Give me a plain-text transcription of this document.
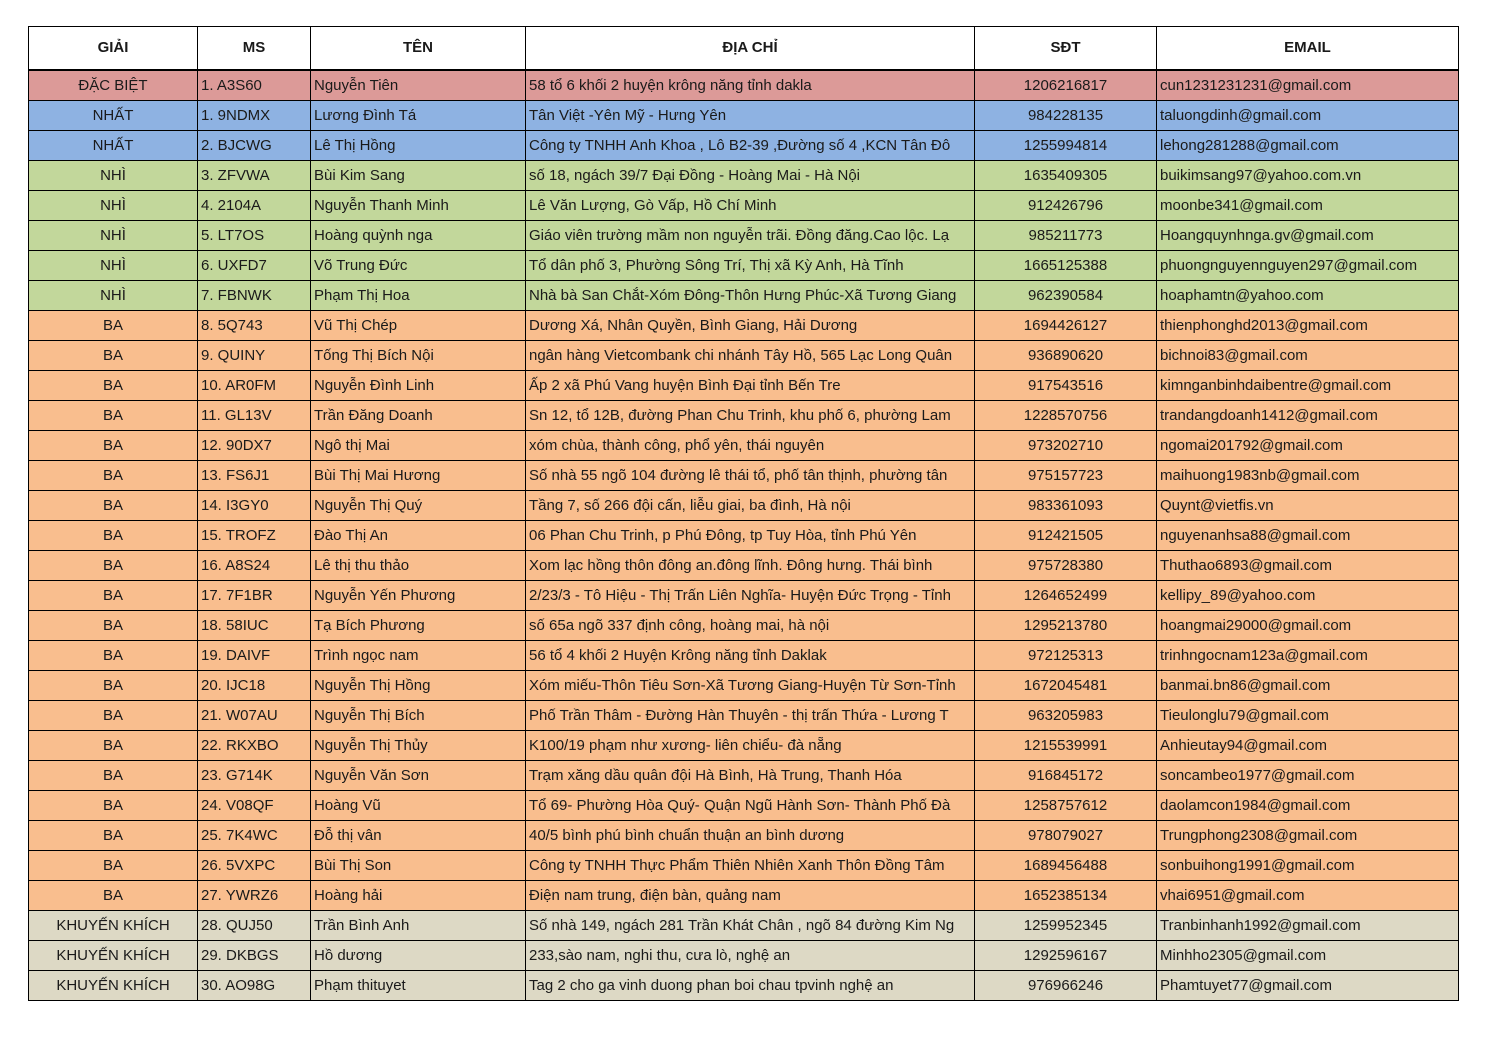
GIẢI	MS	TÊN	ĐỊA CHỈ	SĐT	EMAIL
ĐẶC BIỆT	1. A3S60	Nguyễn Tiên	58 tổ 6 khối 2 huyện krông năng tỉnh dakla	1206216817	cun1231231231@gmail.com
NHẤT	1. 9NDMX	Lương Đình Tá	Tân Việt -Yên Mỹ - Hưng Yên	984228135	taluongdinh@gmail.com
NHẤT	2. BJCWG	Lê Thị Hồng	Công ty TNHH Anh Khoa , Lô B2-39 ,Đường số 4 ,KCN Tân Đô	1255994814	lehong281288@gmail.com
NHÌ	3. ZFVWA	Bùi Kim Sang	số 18, ngách 39/7 Đại Đồng - Hoàng Mai - Hà Nội	1635409305	buikimsang97@yahoo.com.vn
NHÌ	4. 2104A	Nguyễn Thanh Minh	Lê Văn Lượng, Gò Vấp, Hồ Chí Minh	912426796	moonbe341@gmail.com
NHÌ	5. LT7OS	Hoàng quỳnh nga	Giáo viên trường mầm non nguyễn trãi. Đồng đăng.Cao lộc. Lạ	985211773	Hoangquynhnga.gv@gmail.com
NHÌ	6. UXFD7	Võ Trung Đức	Tổ dân phố 3, Phường Sông Trí, Thị xã Kỳ Anh, Hà Tĩnh	1665125388	phuongnguyennguyen297@gmail.com
NHÌ	7. FBNWK	Phạm Thị Hoa	Nhà bà San Chắt-Xóm Đông-Thôn Hưng Phúc-Xã Tương Giang	962390584	hoaphamtn@yahoo.com
BA	8. 5Q743	Vũ Thị Chép	Dương Xá, Nhân Quyền, Bình Giang, Hải Dương	1694426127	thienphonghd2013@gmail.com
BA	9. QUINY	Tống Thị Bích Nội	ngân hàng Vietcombank chi nhánh Tây Hồ, 565 Lạc Long Quân	936890620	bichnoi83@gmail.com
BA	10. AR0FM	Nguyễn Đình Linh	Ấp 2 xã Phú Vang huyện Bình Đại tỉnh Bến Tre	917543516	kimnganbinhdaibentre@gmail.com
BA	11. GL13V	Trần Đăng Doanh	Sn 12, tổ 12B, đường Phan Chu Trinh, khu phố 6, phường Lam	1228570756	trandangdoanh1412@gmail.com
BA	12. 90DX7	Ngô thị Mai	xóm chùa, thành công, phổ yên, thái nguyên	973202710	ngomai201792@gmail.com
BA	13. FS6J1	Bùi Thị Mai Hương	Số nhà 55 ngõ 104 đường lê thái tổ, phố tân thịnh, phường tân	975157723	maihuong1983nb@gmail.com
BA	14. I3GY0	Nguyễn Thị Quý	Tầng 7, số 266 đội cấn, liễu giai, ba đình, Hà nội	983361093	Quynt@vietfis.vn
BA	15. TROFZ	Đào Thị An	06 Phan Chu Trinh, p Phú Đông, tp Tuy Hòa, tỉnh Phú Yên	912421505	nguyenanhsa88@gmail.com
BA	16. A8S24	Lê thị thu thảo	Xom lạc hồng thôn đông an.đông lĩnh. Đông hưng. Thái bình	975728380	Thuthao6893@gmail.com
BA	17. 7F1BR	Nguyễn Yến Phương	2/23/3 - Tô Hiệu - Thị Trấn Liên Nghĩa- Huyện Đức Trọng - Tỉnh	1264652499	kellipy_89@yahoo.com
BA	18. 58IUC	Tạ Bích Phương	số 65a ngõ 337 định công, hoàng mai, hà nội	1295213780	hoangmai29000@gmail.com
BA	19. DAIVF	Trình ngọc nam	56 tổ 4 khối 2 Huyện Krông năng tỉnh Daklak	972125313	trinhngocnam123a@gmail.com
BA	20. IJC18	Nguyễn Thị Hồng	Xóm miếu-Thôn Tiêu Sơn-Xã Tương Giang-Huyện Từ Sơn-Tỉnh	1672045481	banmai.bn86@gmail.com
BA	21. W07AU	Nguyễn Thị Bích	Phố Trần Thâm - Đường Hàn Thuyên - thị trấn Thứa - Lương T	963205983	Tieulonglu79@gmail.com
BA	22. RKXBO	Nguyễn Thị Thủy	K100/19 phạm như xương- liên chiểu- đà nẵng	1215539991	Anhieutay94@gmail.com
BA	23. G714K	Nguyễn Văn Sơn	Trạm xăng dầu quân đội Hà Bình, Hà Trung, Thanh Hóa	916845172	soncambeo1977@gmail.com
BA	24. V08QF	Hoàng Vũ	Tổ 69- Phường Hòa Quý- Quận Ngũ Hành Sơn- Thành Phố Đà	1258757612	daolamcon1984@gmail.com
BA	25. 7K4WC	Đỗ thị vân	40/5 bình phú bình chuẩn thuận an bình dương	978079027	Trungphong2308@gmail.com
BA	26. 5VXPC	Bùi Thị Son	Công ty TNHH Thực Phẩm Thiên Nhiên Xanh Thôn Đồng Tâm	1689456488	sonbuihong1991@gmail.com
BA	27. YWRZ6	Hoàng hải	Điện nam trung, điện bàn, quảng nam	1652385134	vhai6951@gmail.com
KHUYẾN KHÍCH	28. QUJ50	Trần Bình Anh	Số nhà 149, ngách 281 Trần Khát Chân , ngõ 84 đường Kim Ng	1259952345	Tranbinhanh1992@gmail.com
KHUYẾN KHÍCH	29. DKBGS	Hồ dương	233,sào nam, nghi thu, cưa lò, nghệ an	1292596167	Minhho2305@gmail.com
KHUYẾN KHÍCH	30. AO98G	Phạm thituyet	Tag 2 cho ga vinh duong phan boi chau tpvinh nghệ an	976966246	Phamtuyet77@gmail.com
